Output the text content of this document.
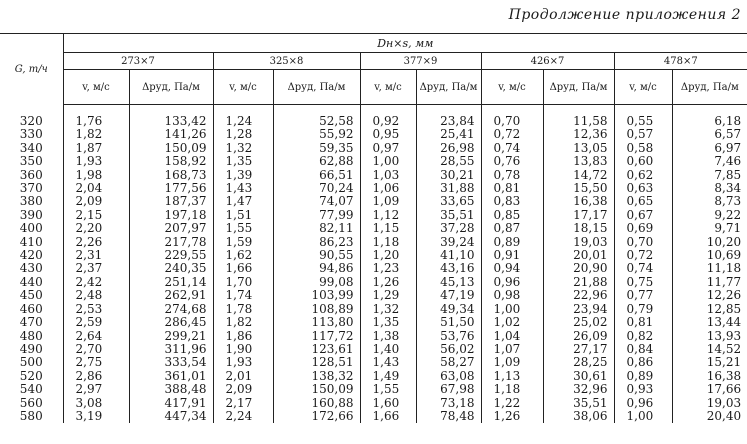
Продолжение приложения 2
G, т/ч	Dн×s, мм									
	273×7		325×8		377×9		426×7		478×7	
	v, м/с	Δpуд, Па/м	v, м/с	Δpуд, Па/м	v, м/с	Δpуд, Па/м	v, м/с	Δpуд, Па/м	v, м/с	Δpуд, Па/м
320	1,76	133,42	1,24	52,58	0,92	23,84	0,70	11,58	0,55	6,18
330	1,82	141,26	1,28	55,92	0,95	25,41	0,72	12,36	0,57	6,57
340	1,87	150,09	1,32	59,35	0,97	26,98	0,74	13,05	0,58	6,97
350	1,93	158,92	1,35	62,88	1,00	28,55	0,76	13,83	0,60	7,46
360	1,98	168,73	1,39	66,51	1,03	30,21	0,78	14,72	0,62	7,85
370	2,04	177,56	1,43	70,24	1,06	31,88	0,81	15,50	0,63	8,34
380	2,09	187,37	1,47	74,07	1,09	33,65	0,83	16,38	0,65	8,73
390	2,15	197,18	1,51	77,99	1,12	35,51	0,85	17,17	0,67	9,22
400	2,20	207,97	1,55	82,11	1,15	37,28	0,87	18,15	0,69	9,71
410	2,26	217,78	1,59	86,23	1,18	39,24	0,89	19,03	0,70	10,20
420	2,31	229,55	1,62	90,55	1,20	41,10	0,91	20,01	0,72	10,69
430	2,37	240,35	1,66	94,86	1,23	43,16	0,94	20,90	0,74	11,18
440	2,42	251,14	1,70	99,08	1,26	45,13	0,96	21,88	0,75	11,77
450	2,48	262,91	1,74	103,99	1,29	47,19	0,98	22,96	0,77	12,26
460	2,53	274,68	1,78	108,89	1,32	49,34	1,00	23,94	0,79	12,85
470	2,59	286,45	1,82	113,80	1,35	51,50	1,02	25,02	0,81	13,44
480	2,64	299,21	1,86	117,72	1,38	53,76	1,04	26,09	0,82	13,93
490	2,70	311,96	1,90	123,61	1,40	56,02	1,07	27,17	0,84	14,52
500	2,75	333,54	1,93	128,51	1,43	58,27	1,09	28,25	0,86	15,21
520	2,86	361,01	2,01	138,32	1,49	63,08	1,13	30,61	0,89	16,38
540	2,97	388,48	2,09	150,09	1,55	67,98	1,18	32,96	0,93	17,66
560	3,08	417,91	2,17	160,88	1,60	73,18	1,22	35,51	0,96	19,03
580	3,19	447,34	2,24	172,66	1,66	78,48	1,26	38,06	1,00	20,40
